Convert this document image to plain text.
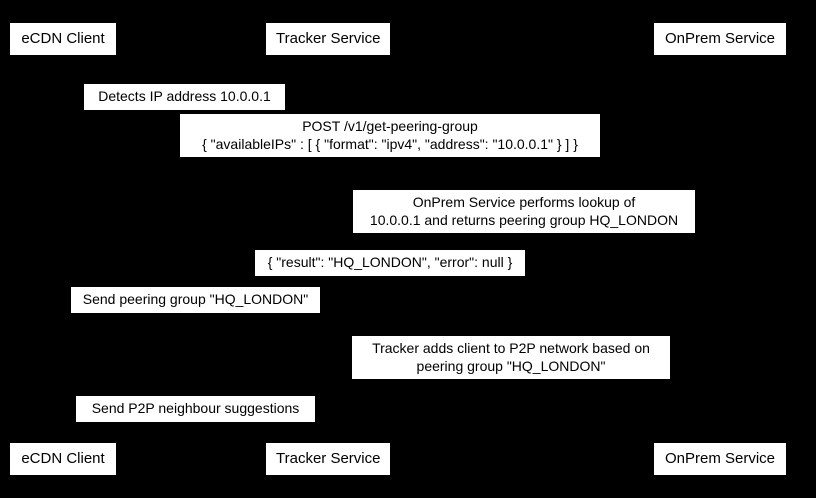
eCDN Client	Tracker Service	OnPrem Service
Detects IP address 10.0.0.1
POST /v1/get-peering-group
{ "availableIPs" : [ { "format": "ipv4", "address": "10.0.0.1" } ] }
OnPrem Service performs lookup of
10.0.0.1 and returns peering group HQ_LONDON
{ "result": "HQ_LONDON", "error": null }
Send peering group "HQ_LONDON"
Tracker adds client to P2P network based on
peering group "HQ_LONDON"
Send P2P neighbour suggestions
eCDN Client	Tracker Service	OnPrem Service
